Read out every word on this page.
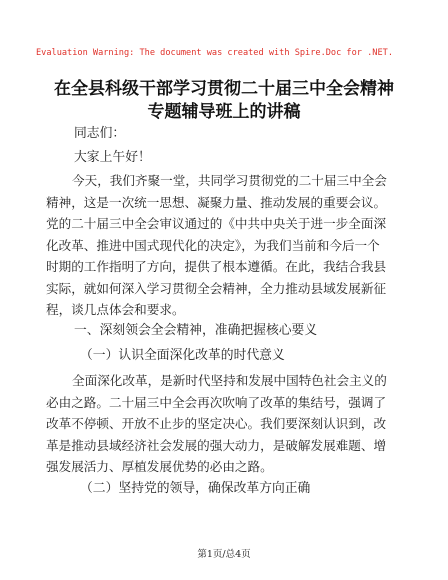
Evaluation Warning: The document was created with Spire.Doc for .NET.
在全县科级干部学习贯彻二十届三中全会精神
专题辅导班上的讲稿

同志们：

大家上午好！

今天，我们齐聚一堂，共同学习贯彻党的二十届三中全会
精神，这是一次统一思想、凝聚力量、推动发展的重要会议。
党的二十届三中全会审议通过的《中共中央关于进一步全面深
化改革、推进中国式现代化的决定》，为我们当前和今后一个
时期的工作指明了方向，提供了根本遵循。在此，我结合我县
实际，就如何深入学习贯彻全会精神，全力推动县域发展新征
程，谈几点体会和要求。

一、深刻领会全会精神，准确把握核心要义

（一）认识全面深化改革的时代意义

全面深化改革，是新时代坚持和发展中国特色社会主义的
必由之路。二十届三中全会再次吹响了改革的集结号，强调了
改革不停顿、开放不止步的坚定决心。我们要深刻认识到，改
革是推动县域经济社会发展的强大动力，是破解发展难题、增
强发展活力、厚植发展优势的必由之路。

（二）坚持党的领导，确保改革方向正确

第1页/总4页
